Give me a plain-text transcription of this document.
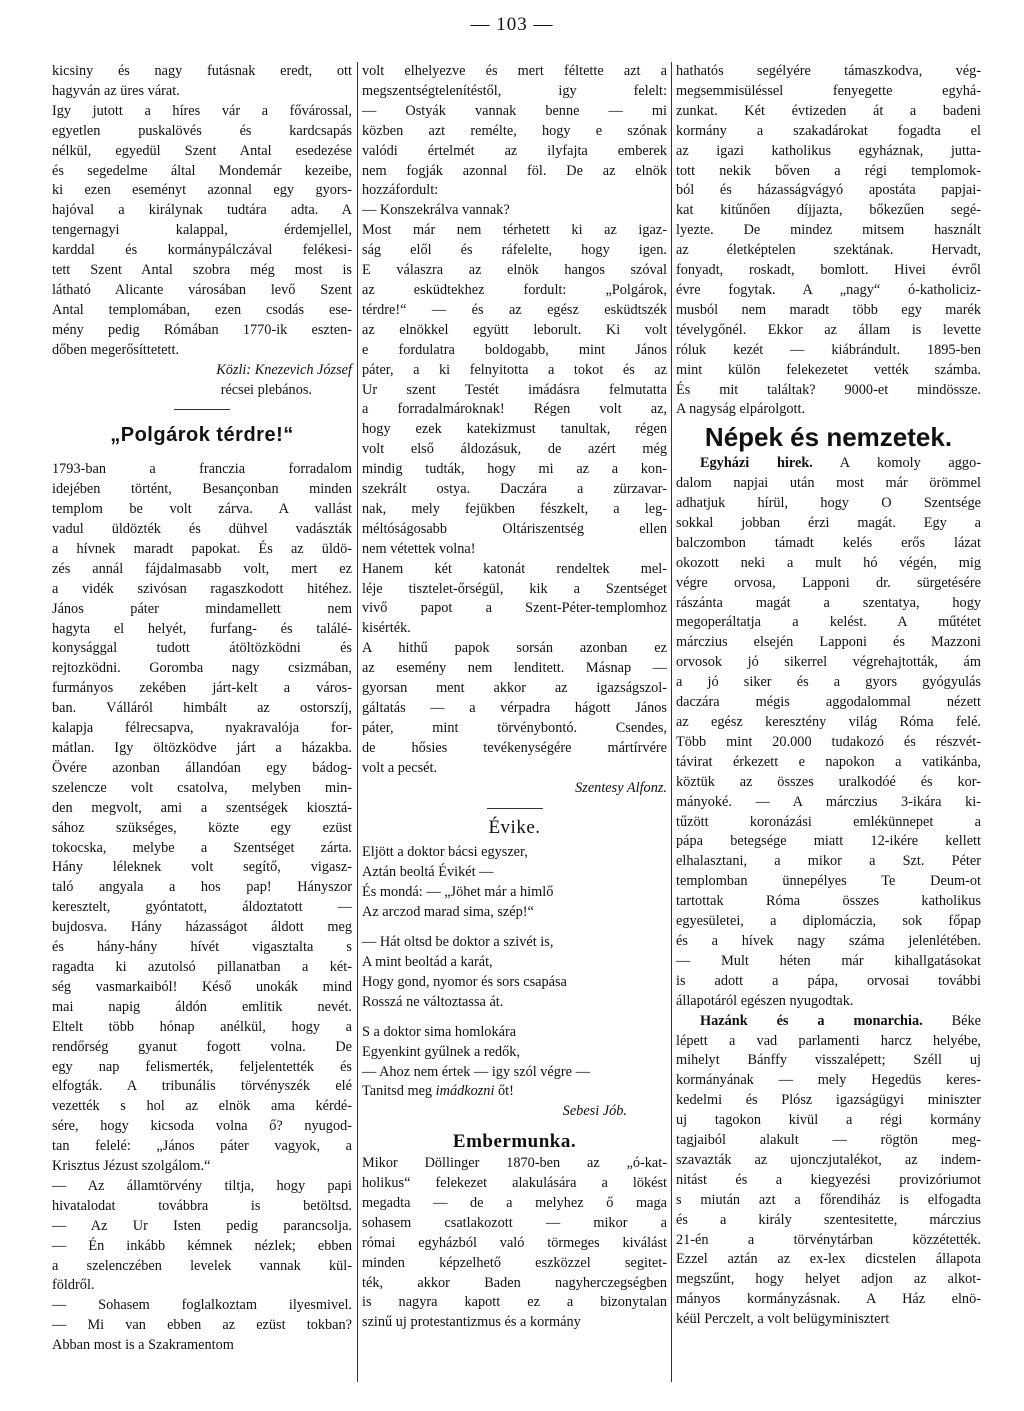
— 103 —
kicsiny és nagy futásnak eredt, ott
hagyván az üres várat.
Igy jutott a híres vár a fővárossal,
egyetlen puskalövés és kardcsapás
nélkül, egyedül Szent Antal esedezése
és segedelme által Mondemár kezeibe,
ki ezen eseményt azonnal egy gyors-
hajóval a királynak tudtára adta. A
tengernagyi kalappal, érdemjellel,
karddal és kormánypálczával felékesi-
tett Szent Antal szobra még most is
látható Alicante városában levő Szent
Antal templomában, ezen csodás ese-
mény pedig Rómában 1770-ik eszten-
dőben megerősíttetett.
Közli: Knezevich József
récsei plebános.
„Polgárok térdre!“
1793-ban a franczia forradalom
idejében történt, Besançonban minden
templom be volt zárva. A vallást
vadul üldözték és dühvel vadászták
a hívnek maradt papokat. És az üldö-
zés annál fájdalmasabb volt, mert ez
a vidék szivósan ragaszkodott hitéhez.
János páter mindamellett nem
hagyta el helyét, furfang- és találé-
konysággal tudott átöltözködni és
rejtozködni. Goromba nagy csizmában,
furmányos zekében járt-kelt a város-
ban. Válláról himbált az ostorszíj,
kalapja félrecsapva, nyakravalója for-
mátlan. Igy öltözködve járt a házakba.
Övére azonban állandóan egy bádog-
szelencze volt csatolva, melyben min-
den megvolt, ami a szentségek kiosztá-
sához szükséges, közte egy ezüst
tokocska, melybe a Szentséget zárta.
Hány léleknek volt segítő, vigasz-
taló angyala a hos pap! Hányszor
keresztelt, gyóntatott, áldoztatott —
bujdosva. Hány házasságot áldott meg
és hány-hány hívét vigasztalta s
ragadta ki azutolsó pillanatban a két-
ség vasmarkaiból! Késő unokák mind
mai napig áldón emlitik nevét.
Eltelt több hónap anélkül, hogy a
rendőrség gyanut fogott volna. De
egy nap felismerték, feljelentették és
elfogták. A tribunális törvényszék elé
vezették s hol az elnök ama kérdé-
sére, hogy kicsoda volna ő? nyugod-
tan felelé: „János páter vagyok, a
Krisztus Jézust szolgálom.“
— Az államtörvény tiltja, hogy papi
hivatalodat továbbra is betöltsd.
— Az Ur Isten pedig parancsolja.
— Én inkább kémnek nézlek; ebben
a szelenczében levelek vannak kül-
földről.
— Sohasem foglalkoztam ilyesmivel.
— Mi van ebben az ezüst tokban?
Abban most is a Szakramentom
volt elhelyezve és mert féltette azt a
megszentségtelenítéstől, igy felelt:
— Ostyák vannak benne — mi
közben azt remélte, hogy e szónak
valódi értelmét az ilyfajta emberek
nem fogják azonnal föl. De az elnök
hozzáfordult:
— Konszekrálva vannak?
Most már nem térhetett ki az igaz-
ság elől és ráfelelte, hogy igen.
E válaszra az elnök hangos szóval
az esküdtekhez fordult: „Polgárok,
térdre!“ — és az egész esküdtszék
az elnökkel együtt leborult. Ki volt
e fordulatra boldogabb, mint János
páter, a ki felnyitotta a tokot és az
Ur szent Testét imádásra felmutatta
a forradalmároknak! Régen volt az,
hogy ezek katekizmust tanultak, régen
volt első áldozásuk, de azért még
mindig tudták, hogy mi az a kon-
szekrált ostya. Daczára a zürzavar-
nak, mely fejükben fészkelt, a leg-
méltóságosabb Oltáriszentség ellen
nem vétettek volna!
Hanem két katonát rendeltek mel-
léje tisztelet-őrségül, kik a Szentséget
vivő papot a Szent-Péter-templomhoz
kisérték.
A hithű papok sorsán azonban ez
az esemény nem lenditett. Másnap —
gyorsan ment akkor az igazságszol-
gáltatás — a vérpadra hágott János
páter, mint törvénybontó. Csendes,
de hősies tevékenységére mártírvére
volt a pecsét.
Szentesy Alfonz.
Évike.
Eljött a doktor bácsi egyszer,
Aztán beoltá Évikét —
És mondá: — „Jöhet már a himlő
Az arczod marad sima, szép!“
— Hát oltsd be doktor a szivét is,
A mint beoltád a karát,
Hogy gond, nyomor és sors csapása
Rosszá ne változtassa át.
S a doktor sima homlokára
Egyenkint gyűlnek a redők,
— Ahoz nem értek — igy szól végre —
Tanitsd meg imádkozni őt!
Sebesi Jób.
Embermunka.
Mikor Döllinger 1870-ben az „ó-kat-
holikus“ felekezet alakulására a lökést
megadta — de a melyhez ő maga
sohasem csatlakozott — mikor a
római egyházból való törmeges kiválást
minden képzelhető eszközzel segitet-
ték, akkor Baden nagyherczegségben
is nagyra kapott ez a bizonytalan
szinű uj protestantizmus és a kormány
hathatós segélyére támaszkodva, vég-
megsemmisüléssel fenyegette egyhá-
zunkat. Két évtizeden át a badeni
kormány a szakadárokat fogadta el
az igazi katholikus egyháznak, jutta-
tott nekik bőven a régi templomok-
ból és házasságvágyó apostáta papjai-
kat kitűnően díjjazta, bőkezűen segé-
lyezte. De mindez mitsem használt
az életképtelen szektának. Hervadt,
fonyadt, roskadt, bomlott. Hivei évről
évre fogytak. A „nagy“ ó-katholiciz-
musból nem maradt több egy marék
tévelygőnél. Ekkor az állam is levette
róluk kezét — kiábrándult. 1895-ben
mint külön felekezetet vették számba.
És mit találtak? 9000-et mindössze.
A nagyság elpárolgott.
Népek és nemzetek.
Egyházi hirek. A komoly aggo-
dalom napjai után most már örömmel
adhatjuk hírül, hogy O Szentsége
sokkal jobban érzi magát. Egy a
balczombon támadt kelés erős lázat
okozott neki a mult hó végén, mig
végre orvosa, Lapponi dr. sürgetésére
rászánta magát a szentatya, hogy
megoperáltatja a kelést. A műtétet
márczius elsején Lapponi és Mazzoni
orvosok jó sikerrel végrehajtották, ám
a jó siker és a gyors gyógyulás
daczára mégis aggodalommal nézett
az egész keresztény világ Róma felé.
Több mint 20.000 tudakozó és részvét-
távirat érkezett e napokon a vatikánba,
köztük az összes uralkodóé és kor-
mányoké. — A márczius 3-ikára ki-
tűzött koronázási emlékünnepet a
pápa betegsége miatt 12-ikére kellett
elhalasztani, a mikor a Szt. Péter
templomban ünnepélyes Te Deum-ot
tartottak Róma összes katholikus
egyesületei, a diplomáczia, sok főpap
és a hívek nagy száma jelenlétében.
— Mult héten már kihallgatásokat
is adott a pápa, orvosai további
állapotáról egészen nyugodtak.
Hazánk és a monarchia. Béke
lépett a vad parlamenti harcz helyébe,
mihelyt Bánffy visszalépett; Széll uj
kormányának — mely Hegedüs keres-
kedelmi és Plósz igazságügyi miniszter
uj tagokon kivül a régi kormány
tagjaiból alakult — rögtön meg-
szavazták az ujonczjutalékot, az indem-
nitást és a kiegyezési provizóriumot
s miután azt a főrendiház is elfogadta
és a király szentesitette, márczius
21-én a törvénytárban közzétették.
Ezzel aztán az ex-lex dicstelen állapota
megszűnt, hogy helyet adjon az alkot-
mányos kormányzásnak. A Ház elnö-
kéül Perczelt, a volt belügyminisztert
